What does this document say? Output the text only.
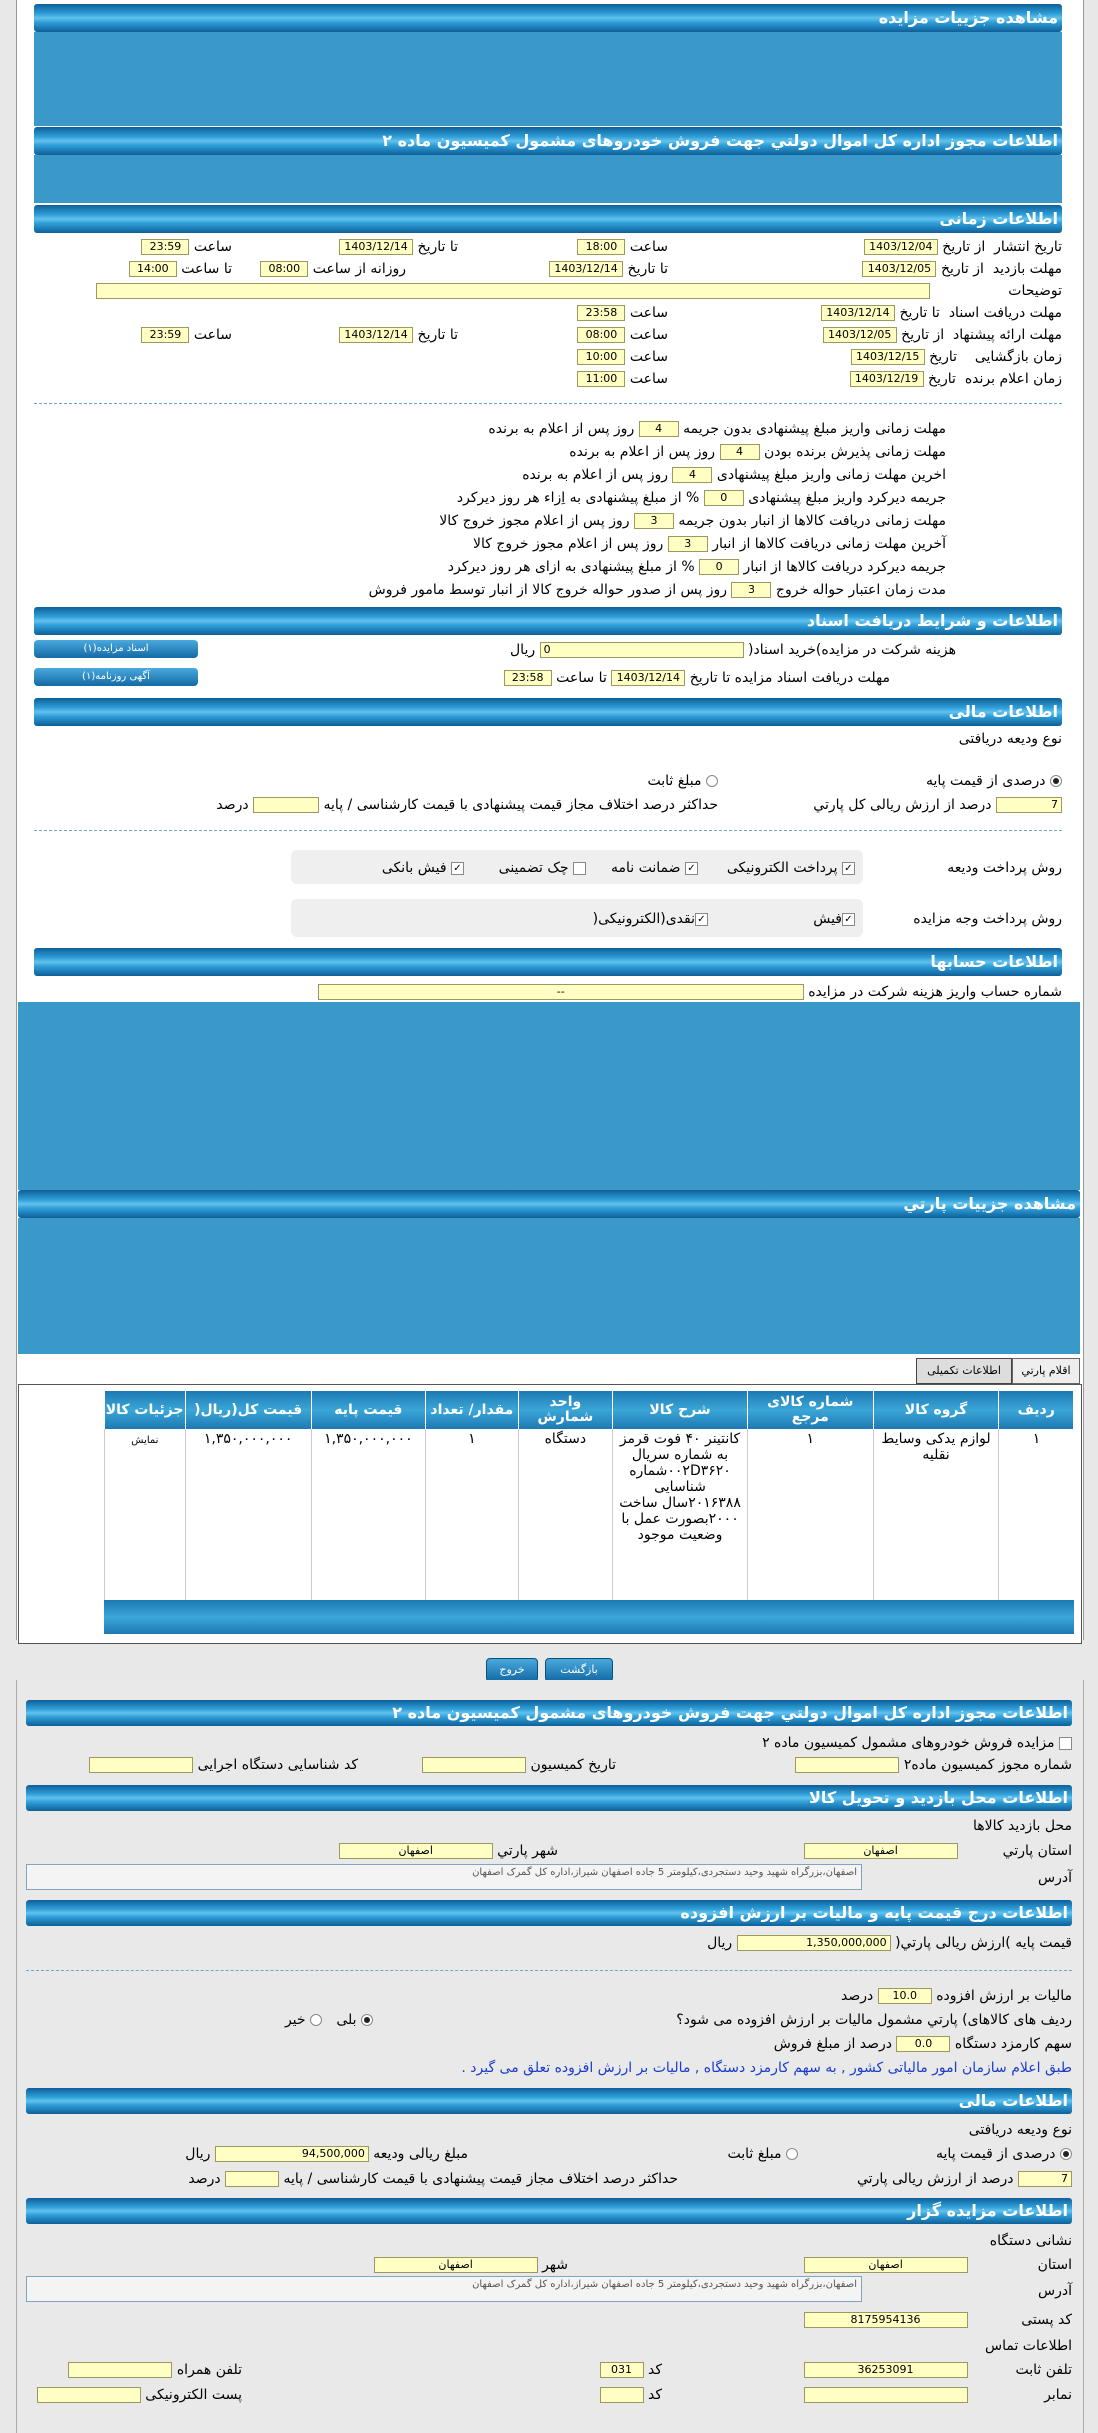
مشاهده جزییات مزایده
اطلاعات مجوز اداره کل اموال دولتي جهت فروش خودروهای مشمول کمیسیون ماده ۲
اطلاعات زمانی
تاریخ انتشار  از تاریخ 1403/12/04
ساعت 18:00
تا تاریخ 1403/12/14
ساعت 23:59
مهلت بازدید  از تاریخ 1403/12/05
تا تاریخ 1403/12/14
روزانه از ساعت 08:00
تا ساعت 14:00
توضیحات
مهلت دریافت اسناد  تا تاریخ 1403/12/14
ساعت 23:58
مهلت ارائه پیشنهاد  از تاریخ 1403/12/05
ساعت 08:00
تا تاریخ 1403/12/14
ساعت 23:59
زمان بازگشایی    تاریخ 1403/12/15
ساعت 10:00
زمان اعلام برنده  تاریخ 1403/12/19
ساعت 11:00
مهلت زمانی واریز مبلغ پیشنهادی بدون جریمه 4 روز پس از اعلام به برنده
مهلت زمانی پذیرش برنده بودن 4 روز پس از اعلام به برنده
اخرین مهلت زمانی واریز مبلغ پیشنهادی 4 روز پس از اعلام به برنده
جریمه دیرکرد واریز مبلغ پیشنهادی 0 % از مبلغ پیشنهادی به اِزاء هر روز دیرکرد
مهلت زمانی دریافت کالاها از انبار بدون جریمه 3 روز پس از اعلام مجوز خروج کالا
آخرین مهلت زمانی دریافت کالاها از انبار 3 روز پس از اعلام مجوز خروج کالا
جریمه دیرکرد دریافت کالاها از انبار 0 % از مبلغ پیشنهادی به ازای هر روز دیرکرد
مدت زمان اعتبار حواله خروج 3 روز پس از صدور حواله خروج کالا از انبار توسط مامور فروش
اطلاعات و شرایط دریافت اسناد
هزینه شرکت در مزایده)خرید اسناد( 0 ریال
اسناد مزایده(۱)
مهلت دریافت اسناد مزایده تا تاریخ 1403/12/14 تا ساعت 23:58
آگهی روزنامه(۱)
اطلاعات مالی
نوع ودیعه دریافتی
درصدی از قیمت پایه
مبلغ ثابت
7 درصد از ارزش ریالی کل پارتي
حداکثر درصد اختلاف مجاز قیمت پیشنهادی با قیمت کارشناسی / پایه  درصد
روش پرداخت ودیعه
✓ پرداخت الکترونیکی
✓ ضمانت نامه
چک تضمینی
✓ فیش بانکی
روش پرداخت وجه مزایده
✓فیش
✓نقدی(الکترونیکی(
اطلاعات حسابها
شماره حساب واریز هزینه شرکت در مزایده --
مشاهده جزییات پارتي
اقلام پارتي
اطلاعات تکمیلی
ردیف	گروه کالا	شماره کالای مرجع	شرح کالا	واحد شمارش	مقدار/ تعداد	قیمت پایه	قیمت کل(ریال(	جزئیات کالا
۱	لوازم یدکی وسایط نقلیه	۱	کانتینر ۴۰ فوت قرمز به شماره سریال ۰۰۲D۳۶۲۰شماره شناسایی ۲۰۱۶۳۸۸سال ساخت ۲۰۰۰بصورت عمل با وضعیت موجود	دستگاه	۱	۱,۳۵۰,۰۰۰,۰۰۰	۱,۳۵۰,۰۰۰,۰۰۰	نمایش
بازگشت
خروج
اطلاعات مجوز اداره کل اموال دولتي جهت فروش خودروهای مشمول کمیسیون ماده ۲
مزایده فروش خودروهای مشمول کمیسیون ماده ۲
شماره مجوز کمیسیون ماده۲
تاریخ کمیسیون
کد شناسایی دستگاه اجرایی
اطلاعات محل بازدید و تحویل کالا
محل بازدید کالاها
استان پارتي اصفهان
شهر پارتي اصفهان
آدرس
اصفهان،بزرگراه شهید وحید دستجردی،کیلومتر 5 جاده اصفهان شیراز،اداره کل گمرک اصفهان
اطلاعات درج قیمت پایه و مالیات بر ارزش افزوده
قیمت پایه )ارزش ریالی پارتي( 1,350,000,000 ریال
مالیات بر ارزش افزوده 10.0 درصد
ردیف های کالاهای) پارتي مشمول مالیات بر ارزش افزوده می شود؟
بلی
خیر
سهم کارمزد دستگاه 0.0 درصد از مبلغ فروش
طبق اعلام سازمان امور مالیاتی کشور , به سهم کارمزد دستگاه , مالیات بر ارزش افزوده تعلق می گیرد .
اطلاعات مالی
نوع ودیعه دریافتی
درصدی از قیمت پایه
مبلغ ثابت
مبلغ ریالی ودیعه 94,500,000 ریال
7 درصد از ارزش ریالی پارتي
حداکثر درصد اختلاف مجاز قیمت پیشنهادی با قیمت کارشناسی / پایه  درصد
اطلاعات مزایده گزار
نشانی دستگاه
استان اصفهان
شهر اصفهان
آدرس
اصفهان،بزرگراه شهید وحید دستجردی،کیلومتر 5 جاده اصفهان شیراز،اداره کل گمرک اصفهان
کد پستی 8175954136
اطلاعات تماس
تلفن ثابت 36253091
کد 031
تلفن همراه
نمابر
کد
پست الکترونیکی
